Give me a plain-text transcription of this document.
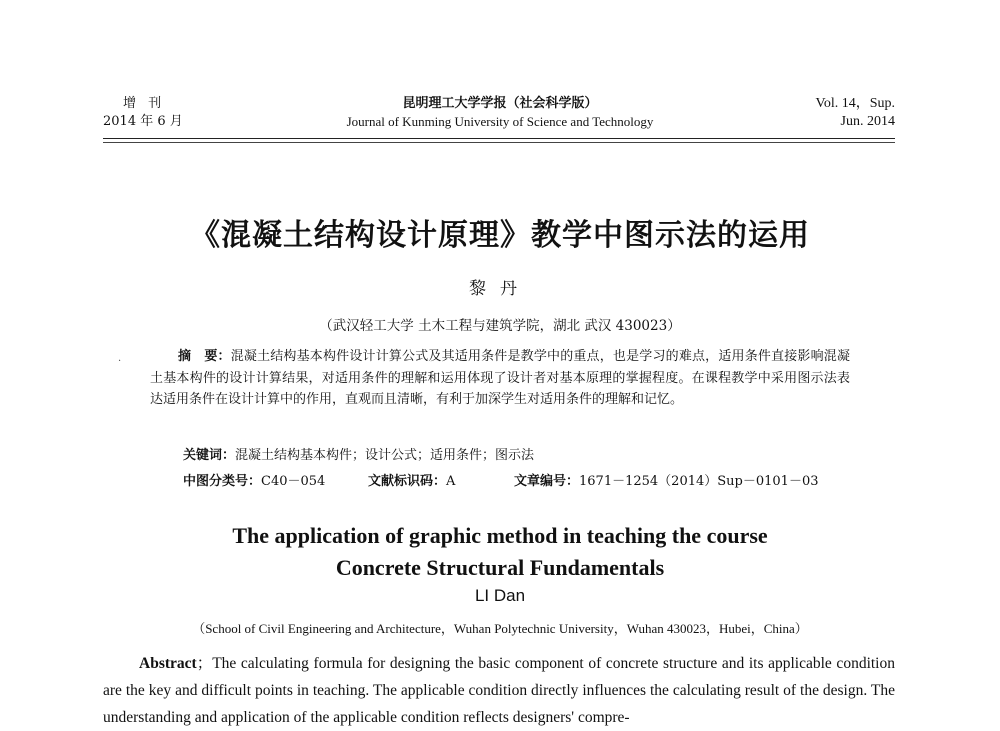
增 刊
2014 年 6 月
昆明理工大学学报（社会科学版）
Journal of Kunming University of Science and Technology
Vol. 14，Sup.
Jun. 2014
《混凝土结构设计原理》教学中图示法的运用
黎丹
（武汉轻工大学 土木工程与建筑学院，湖北 武汉 430023）
·	摘　要：混凝土结构基本构件设计计算公式及其适用条件是教学中的重点，也是学习的难点，适用条件直接影响混凝土基本构件的设计计算结果，对适用条件的理解和运用体现了设计者对基本原理的掌握程度。在课程教学中采用图示法表达适用条件在设计计算中的作用，直观而且清晰，有利于加深学生对适用条件的理解和记忆。
关键词：混凝土结构基本构件；设计公式；适用条件；图示法
中图分类号：C40－054	文献标识码：A	文章编号：1671－1254（2014）Sup－0101－03
The application of graphic method in teaching the course
Concrete Structural Fundamentals
LI Dan
（School of Civil Engineering and Architecture，Wuhan Polytechnic University，Wuhan 430023，Hubei，China）
Abstract；The calculating formula for designing the basic component of concrete structure and its applicable condition are the key and difficult points in teaching. The applicable condition directly influences the calculating result of the design. The understanding and application of the applicable condition reflects designers' compre-
